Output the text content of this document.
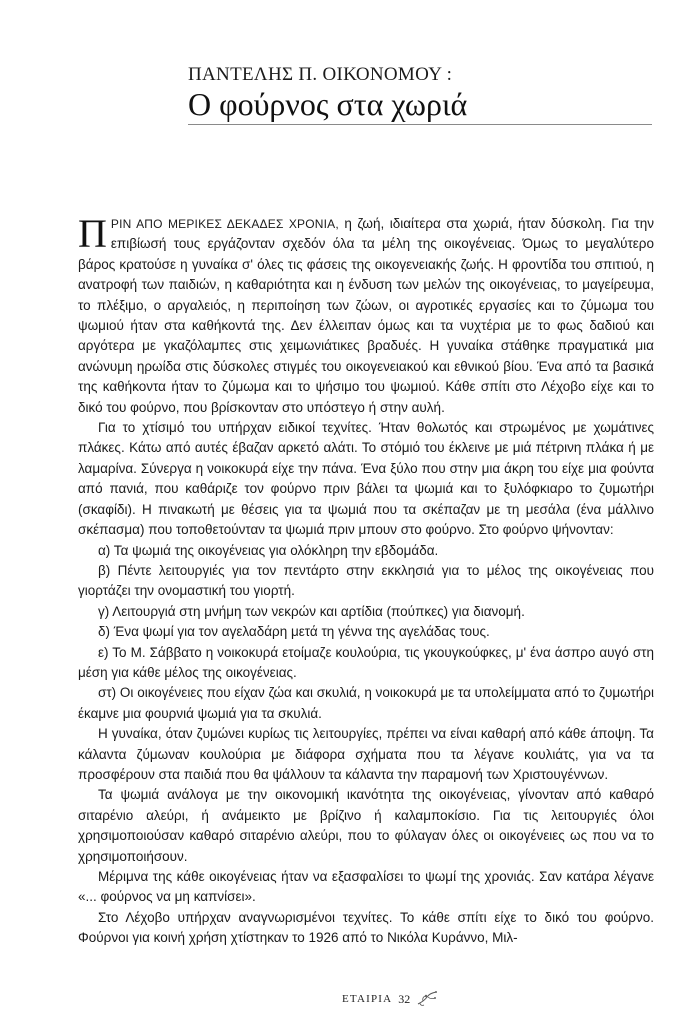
ΠΑΝΤΕΛΗΣ Π. ΟΙΚΟΝΟΜΟΥ :
Ο φούρνος στα χωριά

ΠΡΙΝ ΑΠΟ ΜΕΡΙΚΕΣ ΔΕΚΑΔΕΣ ΧΡΟΝΙΑ, η ζωή, ιδιαίτερα στα χωριά, ήταν δύσκολη. Για την επιβίωσή τους εργάζονταν σχεδόν όλα τα μέλη της οικογένειας. Όμως το μεγαλύτερο βάρος κρατούσε η γυναίκα σ' όλες τις φάσεις της οικογενειακής ζωής. Η φροντίδα του σπιτιού, η ανατροφή των παιδιών, η καθαριότητα και η ένδυση των μελών της οικογένειας, το μαγείρευμα, το πλέξιμο, ο αργαλειός, η περιποίηση των ζώων, οι αγροτικές εργασίες και το ζύμωμα του ψωμιού ήταν στα καθήκοντά της. Δεν έλλειπαν όμως και τα νυχτέρια με το φως δαδιού και αργότερα με γκαζόλαμπες στις χειμωνιάτικες βραδυές. Η γυναίκα στάθηκε πραγματικά μια ανώνυμη ηρωίδα στις δύσκολες στιγμές του οικογενειακού και εθνικού βίου. Ένα από τα βασικά της καθήκοντα ήταν το ζύμωμα και το ψήσιμο του ψωμιού. Κάθε σπίτι στο Λέχοβο είχε και το δικό του φούρνο, που βρίσκονταν στο υπόστεγο ή στην αυλή.

Για το χτίσιμό του υπήρχαν ειδικοί τεχνίτες. Ήταν θολωτός και στρωμένος με χωμάτινες πλάκες. Κάτω από αυτές έβαζαν αρκετό αλάτι. Το στόμιό του έκλεινε με μιά πέτρινη πλάκα ή με λαμαρίνα. Σύνεργα η νοικοκυρά είχε την πάνα. Ένα ξύλο που στην μια άκρη του είχε μια φούντα από πανιά, που καθάριζε τον φούρνο πριν βάλει τα ψωμιά και το ξυλόφκιαρο το ζυμωτήρι (σκαφίδι). Η πινακωτή με θέσεις για τα ψωμιά που τα σκέπαζαν με τη μεσάλα (ένα μάλλινο σκέπασμα) που τοποθετούνταν τα ψωμιά πριν μπουν στο φούρνο. Στο φούρνο ψήνονταν:

α) Τα ψωμιά της οικογένειας για ολόκληρη την εβδομάδα.

β) Πέντε λειτουργιές για τον πεντάρτο στην εκκλησιά για το μέλος της οικογένειας που γιορτάζει την ονομαστική του γιορτή.

γ) Λειτουργιά στη μνήμη των νεκρών και αρτίδια (πούπκες) για διανομή.

δ) Ένα ψωμί για τον αγελαδάρη μετά τη γέννα της αγελάδας τους.

ε) Το Μ. Σάββατο η νοικοκυρά ετοίμαζε κουλούρια, τις γκουγκούφκες, μ' ένα άσπρο αυγό στη μέση για κάθε μέλος της οικογένειας.

στ) Οι οικογένειες που είχαν ζώα και σκυλιά, η νοικοκυρά με τα υπολείμματα από το ζυμωτήρι έκαμνε μια φουρνιά ψωμιά για τα σκυλιά.

Η γυναίκα, όταν ζυμώνει κυρίως τις λειτουργίες, πρέπει να είναι καθαρή από κάθε άποψη. Τα κάλαντα ζύμωναν κουλούρια με διάφορα σχήματα που τα λέγανε κουλιάτς, για να τα προσφέρουν στα παιδιά που θα ψάλλουν τα κάλαντα την παραμονή των Χριστουγέννων.

Τα ψωμιά ανάλογα με την οικονομική ικανότητα της οικογένειας, γίνονταν από καθαρό σιταρένιο αλεύρι, ή ανάμεικτο με βρίζινο ή καλαμποκίσιο. Για τις λειτουργιές όλοι χρησιμοποιούσαν καθαρό σιταρένιο αλεύρι, που το φύλαγαν όλες οι οικογένειες ως που να το χρησιμοποιήσουν.

Μέριμνα της κάθε οικογένειας ήταν να εξασφαλίσει το ψωμί της χρονιάς. Σαν κατάρα λέγανε «... φούρνος να μη καπνίσει».

Στο Λέχοβο υπήρχαν αναγνωρισμένοι τεχνίτες. Το κάθε σπίτι είχε το δικό του φούρνο. Φούρνοι για κοινή χρήση χτίστηκαν το 1926 από το Νικόλα Κυράννο, Μιλ-

ΕΤΑΙΡΙΑ 32
